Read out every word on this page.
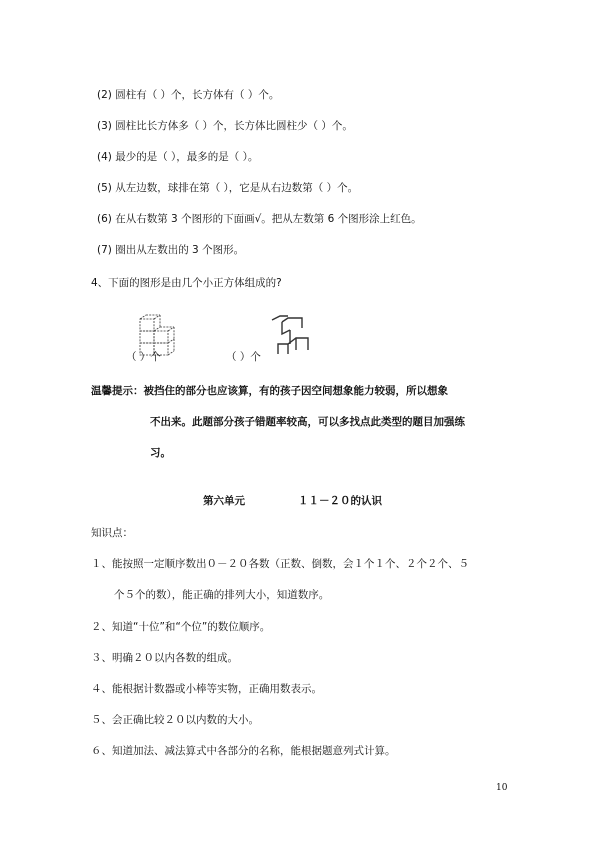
(2) 圆柱有（ ）个，长方体有（ ）个。
(3) 圆柱比长方体多（ ）个，长方体比圆柱少（ ）个。
(4) 最少的是（ ），最多的是（ ）。
(5) 从左边数，球排在第（ ），它是从右边数第（ ）个。
(6) 在从右数第 3 个图形的下面画√。把从左数第 6 个图形涂上红色。
(7) 圈出从左数出的 3 个图形。
4、下面的图形是由几个小正方体组成的?
（ ）个	（ ）个
温馨提示：被挡住的部分也应该算，有的孩子因空间想象能力较弱，所以想象
不出来。此题部分孩子错题率较高，可以多找点此类型的题目加强练
习。
第六单元	１１－２０的认识
知识点：
１、能按照一定顺序数出０－２０各数（正数、倒数，会１个１个、２个２个、５
个５个的数），能正确的排列大小，知道数序。
２、知道“十位”和“个位”的数位顺序。
３、明确２０以内各数的组成。
４、能根据计数器或小棒等实物，正确用数表示。
５、会正确比较２０以内数的大小。
６、知道加法、减法算式中各部分的名称，能根据题意列式计算。
10
